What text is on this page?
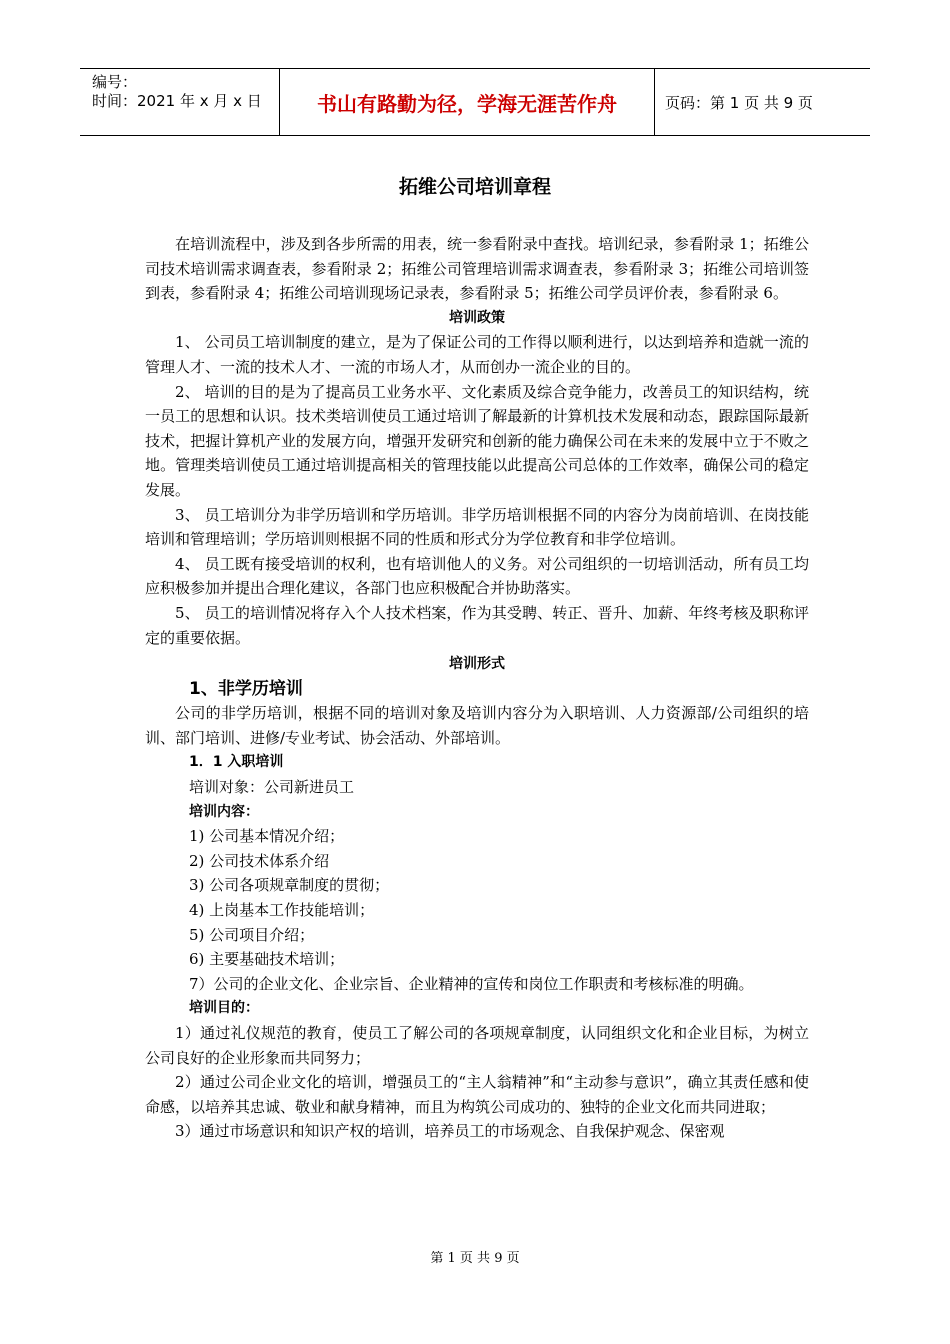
编号：
时间：2021 年 x 月 x 日	书山有路勤为径，学海无涯苦作舟	页码：第 1 页 共 9 页
拓维公司培训章程

在培训流程中，涉及到各步所需的用表，统一参看附录中查找。培训纪录，参看附录 1；拓维公司技术培训需求调查表，参看附录 2；拓维公司管理培训需求调查表，参看附录 3；拓维公司培训签到表，参看附录 4；拓维公司培训现场记录表，参看附录 5；拓维公司学员评价表，参看附录 6。

培训政策

1、 公司员工培训制度的建立，是为了保证公司的工作得以顺利进行，以达到培养和造就一流的管理人才、一流的技术人才、一流的市场人才，从而创办一流企业的目的。

2、 培训的目的是为了提高员工业务水平、文化素质及综合竞争能力，改善员工的知识结构，统一员工的思想和认识。技术类培训使员工通过培训了解最新的计算机技术发展和动态，跟踪国际最新技术，把握计算机产业的发展方向，增强开发研究和创新的能力确保公司在未来的发展中立于不败之地。管理类培训使员工通过培训提高相关的管理技能以此提高公司总体的工作效率，确保公司的稳定发展。

3、 员工培训分为非学历培训和学历培训。非学历培训根据不同的内容分为岗前培训、在岗技能培训和管理培训；学历培训则根据不同的性质和形式分为学位教育和非学位培训。

4、 员工既有接受培训的权利，也有培训他人的义务。对公司组织的一切培训活动，所有员工均应积极参加并提出合理化建议，各部门也应积极配合并协助落实。

5、 员工的培训情况将存入个人技术档案，作为其受聘、转正、晋升、加薪、年终考核及职称评定的重要依据。

培训形式

1、非学历培训

公司的非学历培训，根据不同的培训对象及培训内容分为入职培训、人力资源部/公司组织的培训、部门培训、进修/专业考试、协会活动、外部培训。

1．1 入职培训

培训对象：公司新进员工

培训内容：

1) 公司基本情况介绍；

2) 公司技术体系介绍

3) 公司各项规章制度的贯彻；

4) 上岗基本工作技能培训；

5) 公司项目介绍；

6) 主要基础技术培训；

7）公司的企业文化、企业宗旨、企业精神的宣传和岗位工作职责和考核标准的明确。

培训目的：

1）通过礼仪规范的教育，使员工了解公司的各项规章制度，认同组织文化和企业目标，为树立公司良好的企业形象而共同努力；

2）通过公司企业文化的培训，增强员工的“主人翁精神”和“主动参与意识”，确立其责任感和使命感，以培养其忠诚、敬业和献身精神，而且为构筑公司成功的、独特的企业文化而共同进取；

3）通过市场意识和知识产权的培训，培养员工的市场观念、自我保护观念、保密观

第 1 页 共 9 页
